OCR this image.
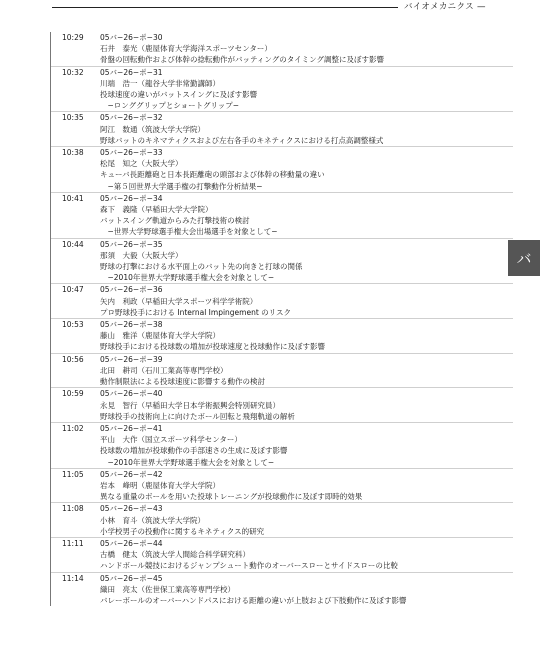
バイオメカニクス —
10:29	05バ−26−ポ−30
石井　泰光（鹿屋体育大学海洋スポーツセンター）
骨盤の回転動作および体幹の捻転動作がバッティングのタイミング調整に及ぼす影響
10:32	05バ−26−ポ−31
川端　浩一（龍谷大学非常勤講師）
投球速度の違いがバットスイングに及ぼす影響
　−ロンググリップとショートグリップ−
10:35	05バ−26−ポ−32
阿江　数通（筑波大学大学院）
野球バットのキネマティクスおよび左右各手のキネティクスにおける打点高調整様式
10:38	05バ−26−ポ−33
松尾　知之（大阪大学）
キューバ長距離砲と日本長距離砲の頭部および体幹の移動量の違い
　−第５回世界大学選手権の打撃動作分析結果−
10:41	05バ−26−ポ−34
森下　義隆（早稲田大学大学院）
バットスイング軌道からみた打撃技術の検討
　−世界大学野球選手権大会出場選手を対象として−
10:44	05バ−26−ポ−35
那須　大毅（大阪大学）
野球の打撃における水平面上のバット先の向きと打球の関係
　−2010年世界大学野球選手権大会を対象として−
10:47	05バ−26−ポ−36
矢内　利政（早稲田大学スポーツ科学学術院）
プロ野球投手における Internal Impingement のリスク
10:53	05バ−26−ポ−38
藤山　雅洋（鹿屋体育大学大学院）
野球投手における投球数の増加が投球速度と投球動作に及ぼす影響
10:56	05バ−26−ポ−39
北田　耕司（石川工業高等専門学校）
動作制限法による投球速度に影響する動作の検討
10:59	05バ−26−ポ−40
永見　智行（早稲田大学日本学術振興会特別研究員）
野球投手の技術向上に向けたボール回転と飛翔軌道の解析
11:02	05バ−26−ポ−41
平山　大作（国立スポーツ科学センター）
投球数の増加が投球動作の手部速さの生成に及ぼす影響
　−2010年世界大学野球選手権大会を対象として−
11:05	05バ−26−ポ−42
岩本　峰明（鹿屋体育大学大学院）
異なる重量のボールを用いた投球トレーニングが投球動作に及ぼす即時的効果
11:08	05バ−26−ポ−43
小林　育斗（筑波大学大学院）
小学校男子の投動作に関するキネティクス的研究
11:11	05バ−26−ポ−44
古橋　健太（筑波大学人間総合科学研究科）
ハンドボール競技におけるジャンプシュート動作のオーバースローとサイドスローの比較
11:14	05バ−26−ポ−45
織田　亮太（佐世保工業高等専門学校）
バレーボールのオーバーハンドパスにおける距離の違いが上肢および下肢動作に及ぼす影響
バ
